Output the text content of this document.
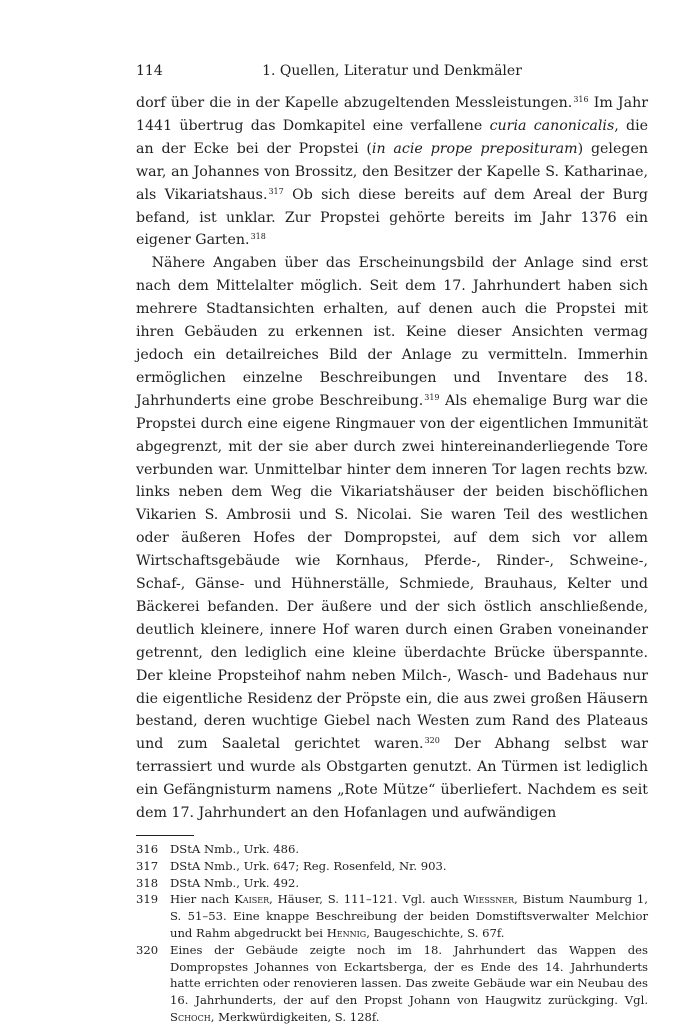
114	1. Quellen, Literatur und Denkmäler

dorf über die in der Kapelle abzugeltenden Messleistungen.$^{316}$ Im Jahr 1441 übertrug das Domkapitel eine verfallene curia canonicalis, die an der Ecke bei der Propstei (in acie prope preposituram) gelegen war, an Johannes von Brossitz, den Besitzer der Kapelle S. Katharinae, als Vikariatshaus.$^{317}$ Ob sich diese bereits auf dem Areal der Burg befand, ist unklar. Zur Propstei gehörte bereits im Jahr 1376 ein eigener Garten.$^{318}$

Nähere Angaben über das Erscheinungsbild der Anlage sind erst nach dem Mittelalter möglich. Seit dem 17. Jahrhundert haben sich mehrere Stadtansichten erhalten, auf denen auch die Propstei mit ihren Gebäuden zu erkennen ist. Keine dieser Ansichten vermag jedoch ein detailreiches Bild der Anlage zu vermitteln. Immerhin ermöglichen einzelne Beschreibungen und Inventare des 18. Jahrhunderts eine grobe Beschreibung.$^{319}$ Als ehemalige Burg war die Propstei durch eine eigene Ringmauer von der eigentlichen Immunität abgegrenzt, mit der sie aber durch zwei hintereinanderliegende Tore verbunden war. Unmittelbar hinter dem inneren Tor lagen rechts bzw. links neben dem Weg die Vikariatshäuser der beiden bischöflichen Vikarien S. Ambrosii und S. Nicolai. Sie waren Teil des westlichen oder äußeren Hofes der Dompropstei, auf dem sich vor allem Wirtschaftsgebäude wie Kornhaus, Pferde-, Rinder-, Schweine-, Schaf-, Gänse- und Hühnerställe, Schmiede, Brauhaus, Kelter und Bäckerei befanden. Der äußere und der sich östlich anschließende, deutlich kleinere, innere Hof waren durch einen Graben voneinander getrennt, den lediglich eine kleine überdachte Brücke überspannte. Der kleine Propsteihof nahm neben Milch-, Wasch- und Badehaus nur die eigentliche Residenz der Pröpste ein, die aus zwei großen Häusern bestand, deren wuchtige Giebel nach Westen zum Rand des Plateaus und zum Saaletal gerichtet waren.$^{320}$ Der Abhang selbst war terrassiert und wurde als Obstgarten genutzt. An Türmen ist lediglich ein Gefängnisturm namens „Rote Mütze“ überliefert. Nachdem es seit dem 17. Jahrhundert an den Hofanlagen und aufwändigen

316	DStA Nmb., Urk. 486.
317	DStA Nmb., Urk. 647; Reg. Rosenfeld, Nr. 903.
318	DStA Nmb., Urk. 492.
319	Hier nach Kaiser, Häuser, S. 111–121. Vgl. auch Wiessner, Bistum Naumburg 1, S. 51–53. Eine knappe Beschreibung der beiden Domstiftsverwalter Melchior und Rahm abgedruckt bei Hennig, Baugeschichte, S. 67f.
320	Eines der Gebäude zeigte noch im 18. Jahrhundert das Wappen des Dompropstes Johannes von Eckartsberga, der es Ende des 14. Jahrhunderts hatte errichten oder renovieren lassen. Das zweite Gebäude war ein Neubau des 16. Jahrhunderts, der auf den Propst Johann von Haugwitz zurückging. Vgl. Schoch, Merkwürdigkeiten, S. 128f.
